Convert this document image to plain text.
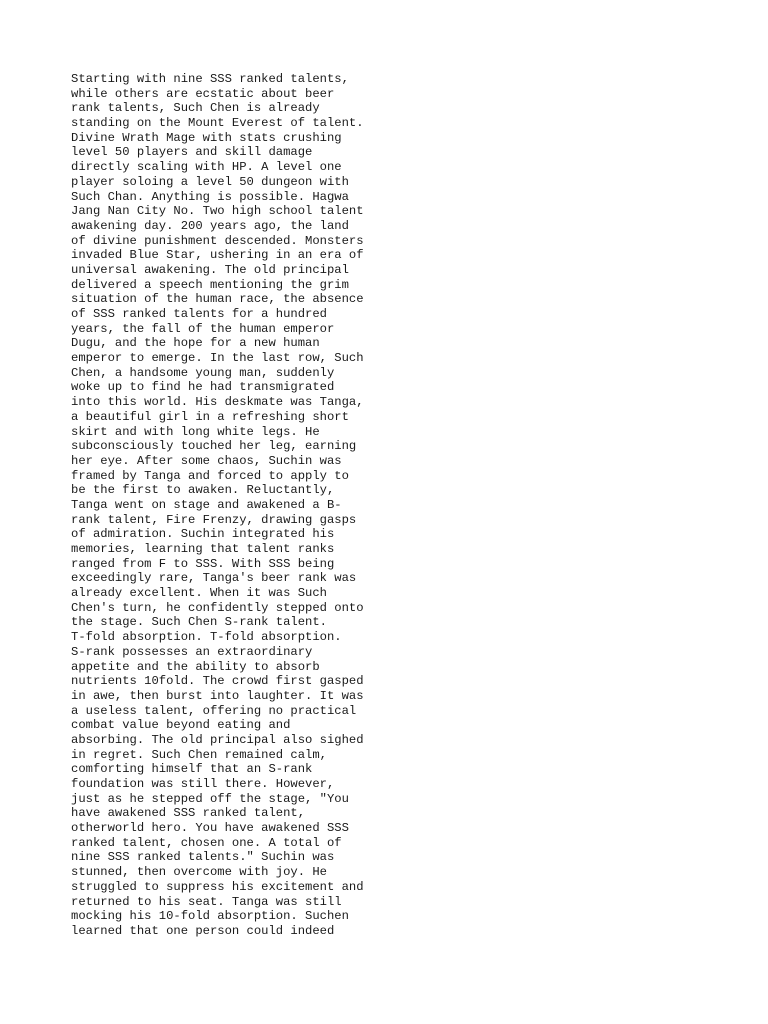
Starting with nine SSS ranked talents,
while others are ecstatic about beer
rank talents, Such Chen is already
standing on the Mount Everest of talent.
Divine Wrath Mage with stats crushing
level 50 players and skill damage
directly scaling with HP. A level one
player soloing a level 50 dungeon with
Such Chan. Anything is possible. Hagwa
Jang Nan City No. Two high school talent
awakening day. 200 years ago, the land
of divine punishment descended. Monsters
invaded Blue Star, ushering in an era of
universal awakening. The old principal
delivered a speech mentioning the grim
situation of the human race, the absence
of SSS ranked talents for a hundred
years, the fall of the human emperor
Dugu, and the hope for a new human
emperor to emerge. In the last row, Such
Chen, a handsome young man, suddenly
woke up to find he had transmigrated
into this world. His deskmate was Tanga,
a beautiful girl in a refreshing short
skirt and with long white legs. He
subconsciously touched her leg, earning
her eye. After some chaos, Suchin was
framed by Tanga and forced to apply to
be the first to awaken. Reluctantly,
Tanga went on stage and awakened a B-
rank talent, Fire Frenzy, drawing gasps
of admiration. Suchin integrated his
memories, learning that talent ranks
ranged from F to SSS. With SSS being
exceedingly rare, Tanga's beer rank was
already excellent. When it was Such
Chen's turn, he confidently stepped onto
the stage. Such Chen S-rank talent.
T-fold absorption. T-fold absorption.
S-rank possesses an extraordinary
appetite and the ability to absorb
nutrients 10fold. The crowd first gasped
in awe, then burst into laughter. It was
a useless talent, offering no practical
combat value beyond eating and
absorbing. The old principal also sighed
in regret. Such Chen remained calm,
comforting himself that an S-rank
foundation was still there. However,
just as he stepped off the stage, "You
have awakened SSS ranked talent,
otherworld hero. You have awakened SSS
ranked talent, chosen one. A total of
nine SSS ranked talents." Suchin was
stunned, then overcome with joy. He
struggled to suppress his excitement and
returned to his seat. Tanga was still
mocking his 10-fold absorption. Suchen
learned that one person could indeed
